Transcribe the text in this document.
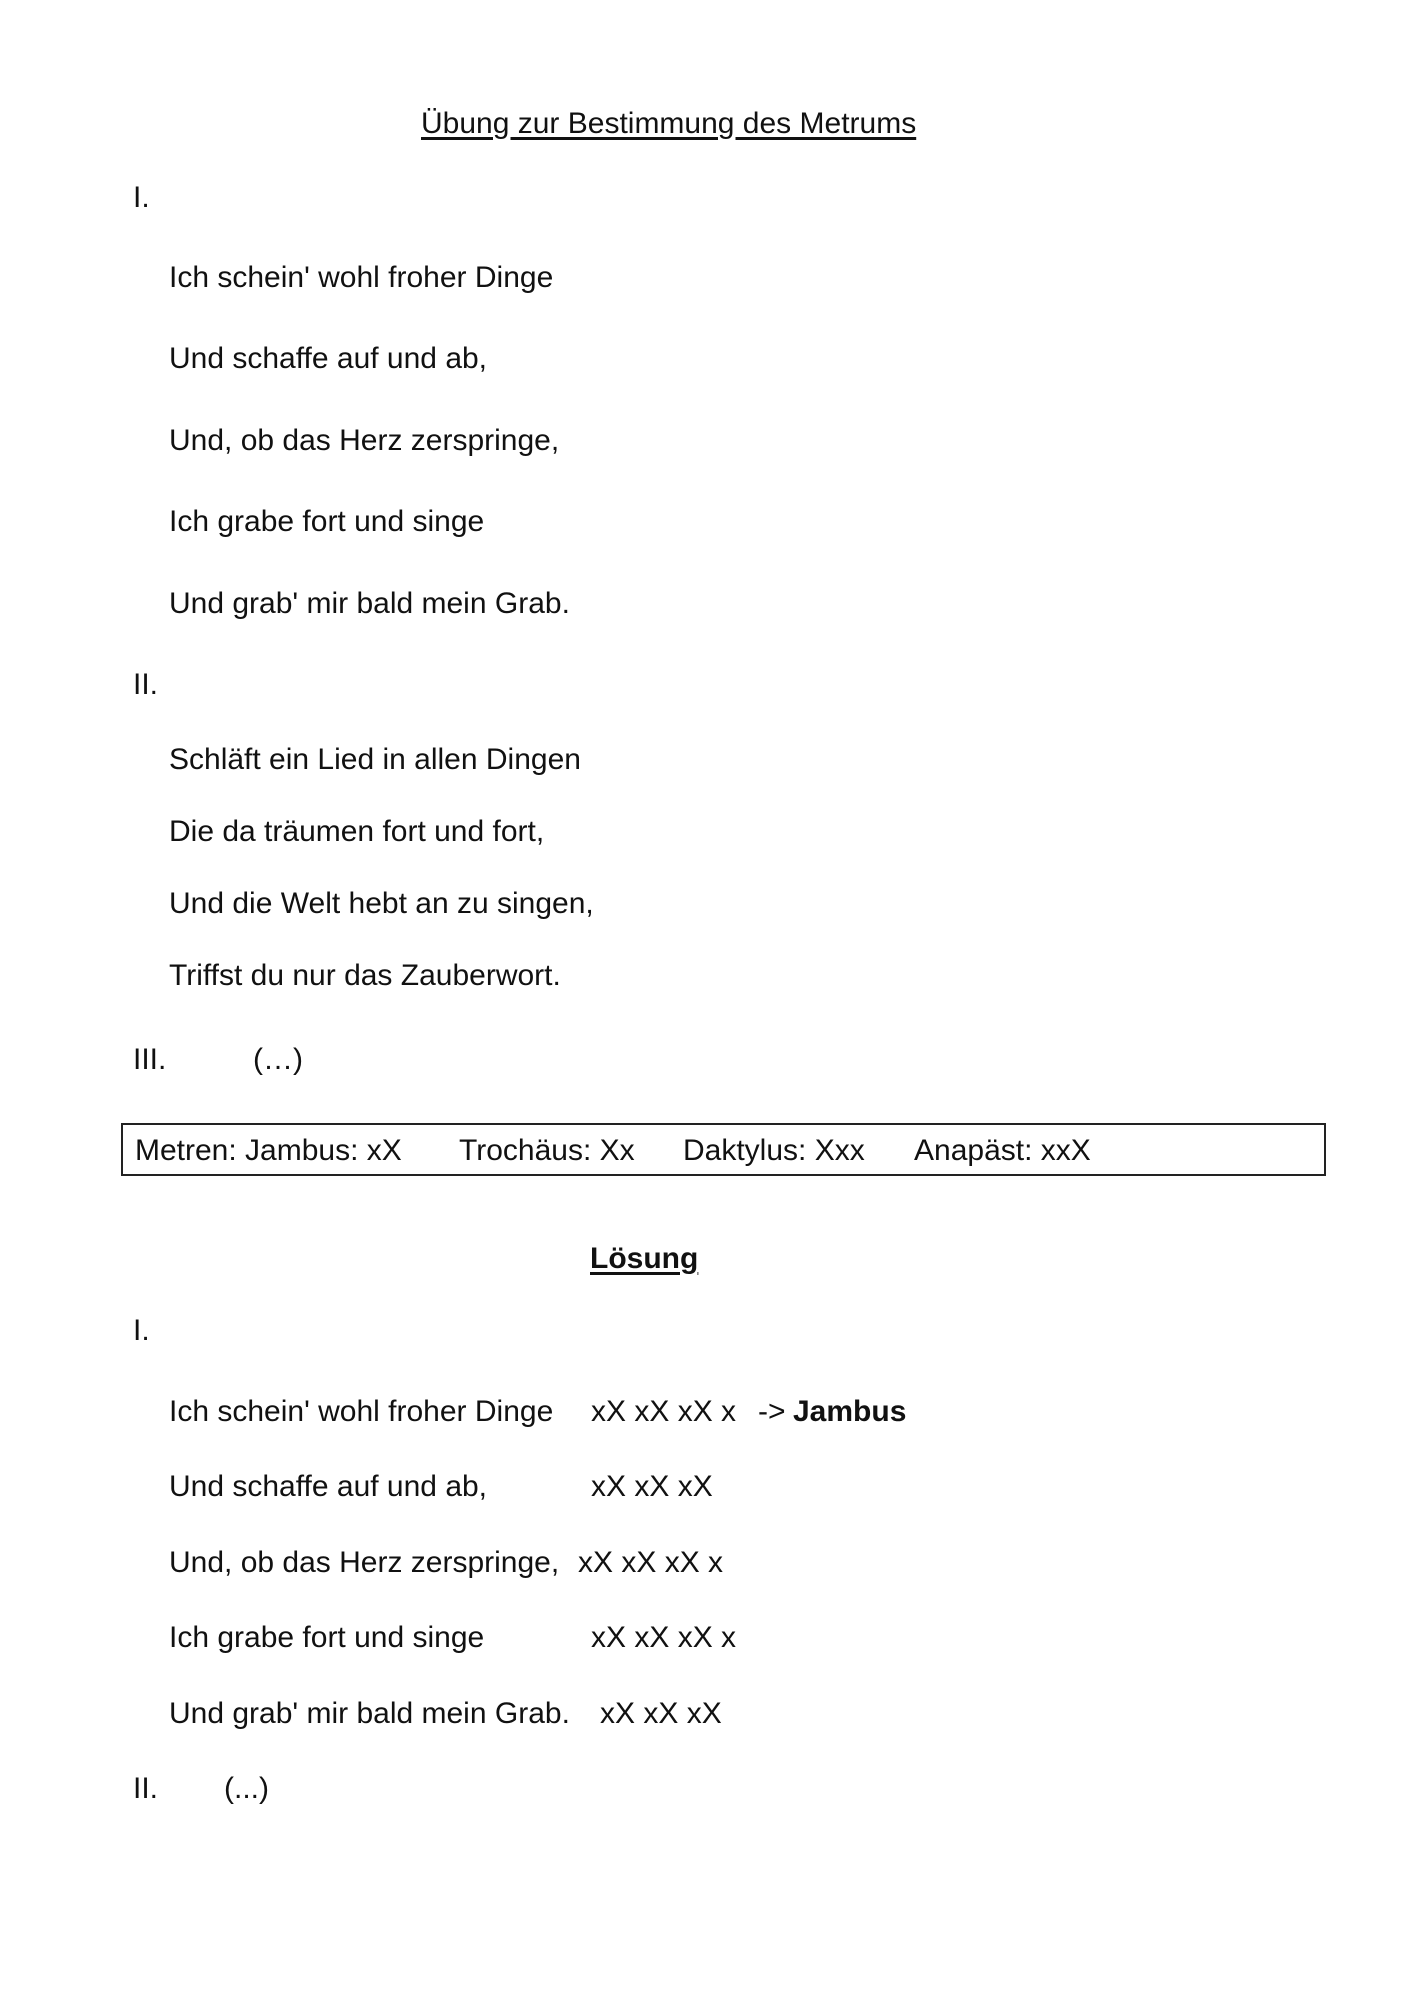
Übung zur Bestimmung des Metrums
I.
Ich schein' wohl froher Dinge
Und schaffe auf und ab,
Und, ob das Herz zerspringe,
Ich grabe fort und singe
Und grab' mir bald mein Grab.
II.
Schläft ein Lied in allen Dingen
Die da träumen fort und fort,
Und die Welt hebt an zu singen,
Triffst du nur das Zauberwort.
III.	(…)
Metren: Jambus: xX Trochäus: Xx Daktylus: Xxx Anapäst: xxX
Lösung
I.
Ich schein' wohl froher Dinge xX xX xX x -> Jambus
Und schaffe auf und ab,	xX xX xX
Und, ob das Herz zerspringe, xX xX xX x
Ich grabe fort und singe	xX xX xX x
Und grab' mir bald mein Grab. xX xX xX
II. (...)
